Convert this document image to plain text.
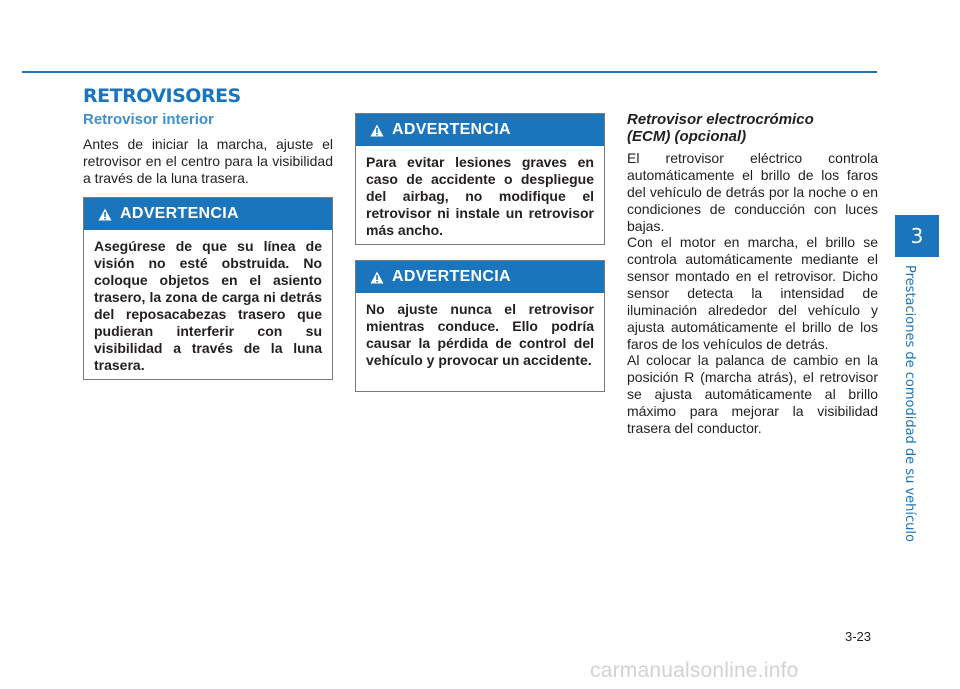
RETROVISORES
Retrovisor interior

Antes de iniciar la marcha, ajuste el retrovisor en el centro para la visibilidad a través de la luna trasera.

ADVERTENCIA

Asegúrese de que su línea de visión no esté obstruida. No coloque objetos en el asiento trasero, la zona de carga ni detrás del reposacabezas trasero que pudieran interferir con su visibilidad a través de la luna trasera.

ADVERTENCIA

Para evitar lesiones graves en caso de accidente o despliegue del airbag, no modifique el retrovisor ni instale un retrovisor más ancho.

ADVERTENCIA

No ajuste nunca el retrovisor mientras conduce. Ello podría causar la pérdida de control del vehículo y provocar un accidente.

Retrovisor electrocrómico
(ECM) (opcional)

El retrovisor eléctrico controla automáticamente el brillo de los faros del vehículo de detrás por la noche o en condiciones de conducción con luces bajas.

Con el motor en marcha, el brillo se controla automáticamente mediante el sensor montado en el retrovisor. Dicho sensor detecta la intensidad de iluminación alrededor del vehículo y ajusta automáticamente el brillo de los faros de los vehículos de detrás.

Al colocar la palanca de cambio en la posición R (marcha atrás), el retrovisor se ajusta automáticamente al brillo máximo para mejorar la visibilidad trasera del conductor.

3
Prestaciones de comodidad de su vehículo
3-23
carmanualsonline.info
